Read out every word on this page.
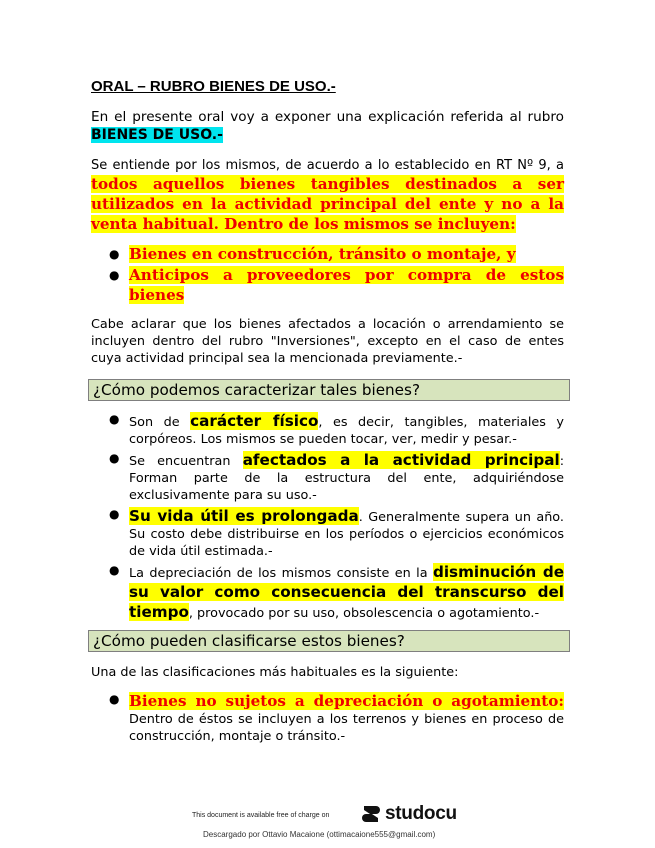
ORAL – RUBRO BIENES DE USO.-

En el presente oral voy a exponer una explicación referida al rubro BIENES DE USO.-

Se entiende por los mismos, de acuerdo a lo establecido en RT Nº 9, a todos aquellos bienes tangibles destinados a ser utilizados en la actividad principal del ente y no a la venta habitual. Dentro de los mismos se incluyen:

● Bienes en construcción, tránsito o montaje, y
● Anticipos a proveedores por compra de estos bienes

Cabe aclarar que los bienes afectados a locación o arrendamiento se incluyen dentro del rubro "Inversiones", excepto en el caso de entes cuya actividad principal sea la mencionada previamente.-

¿Cómo podemos caracterizar tales bienes?
● Son de carácter físico, es decir, tangibles, materiales y corpóreos. Los mismos se pueden tocar, ver, medir y pesar.-
● Se encuentran afectados a la actividad principal: Forman parte de la estructura del ente, adquiriéndose exclusivamente para su uso.-
● Su vida útil es prolongada. Generalmente supera un año. Su costo debe distribuirse en los períodos o ejercicios económicos de vida útil estimada.-
● La depreciación de los mismos consiste en la disminución de su valor como consecuencia del transcurso del tiempo, provocado por su uso, obsolescencia o agotamiento.-
¿Cómo pueden clasificarse estos bienes?

Una de las clasificaciones más habituales es la siguiente:

● Bienes no sujetos a depreciación o agotamiento: Dentro de éstos se incluyen a los terrenos y bienes en proceso de construcción, montaje o tránsito.-
This document is available free of charge on	studocu
Descargado por Ottavio Macaione (ottimacaione555@gmail.com)
